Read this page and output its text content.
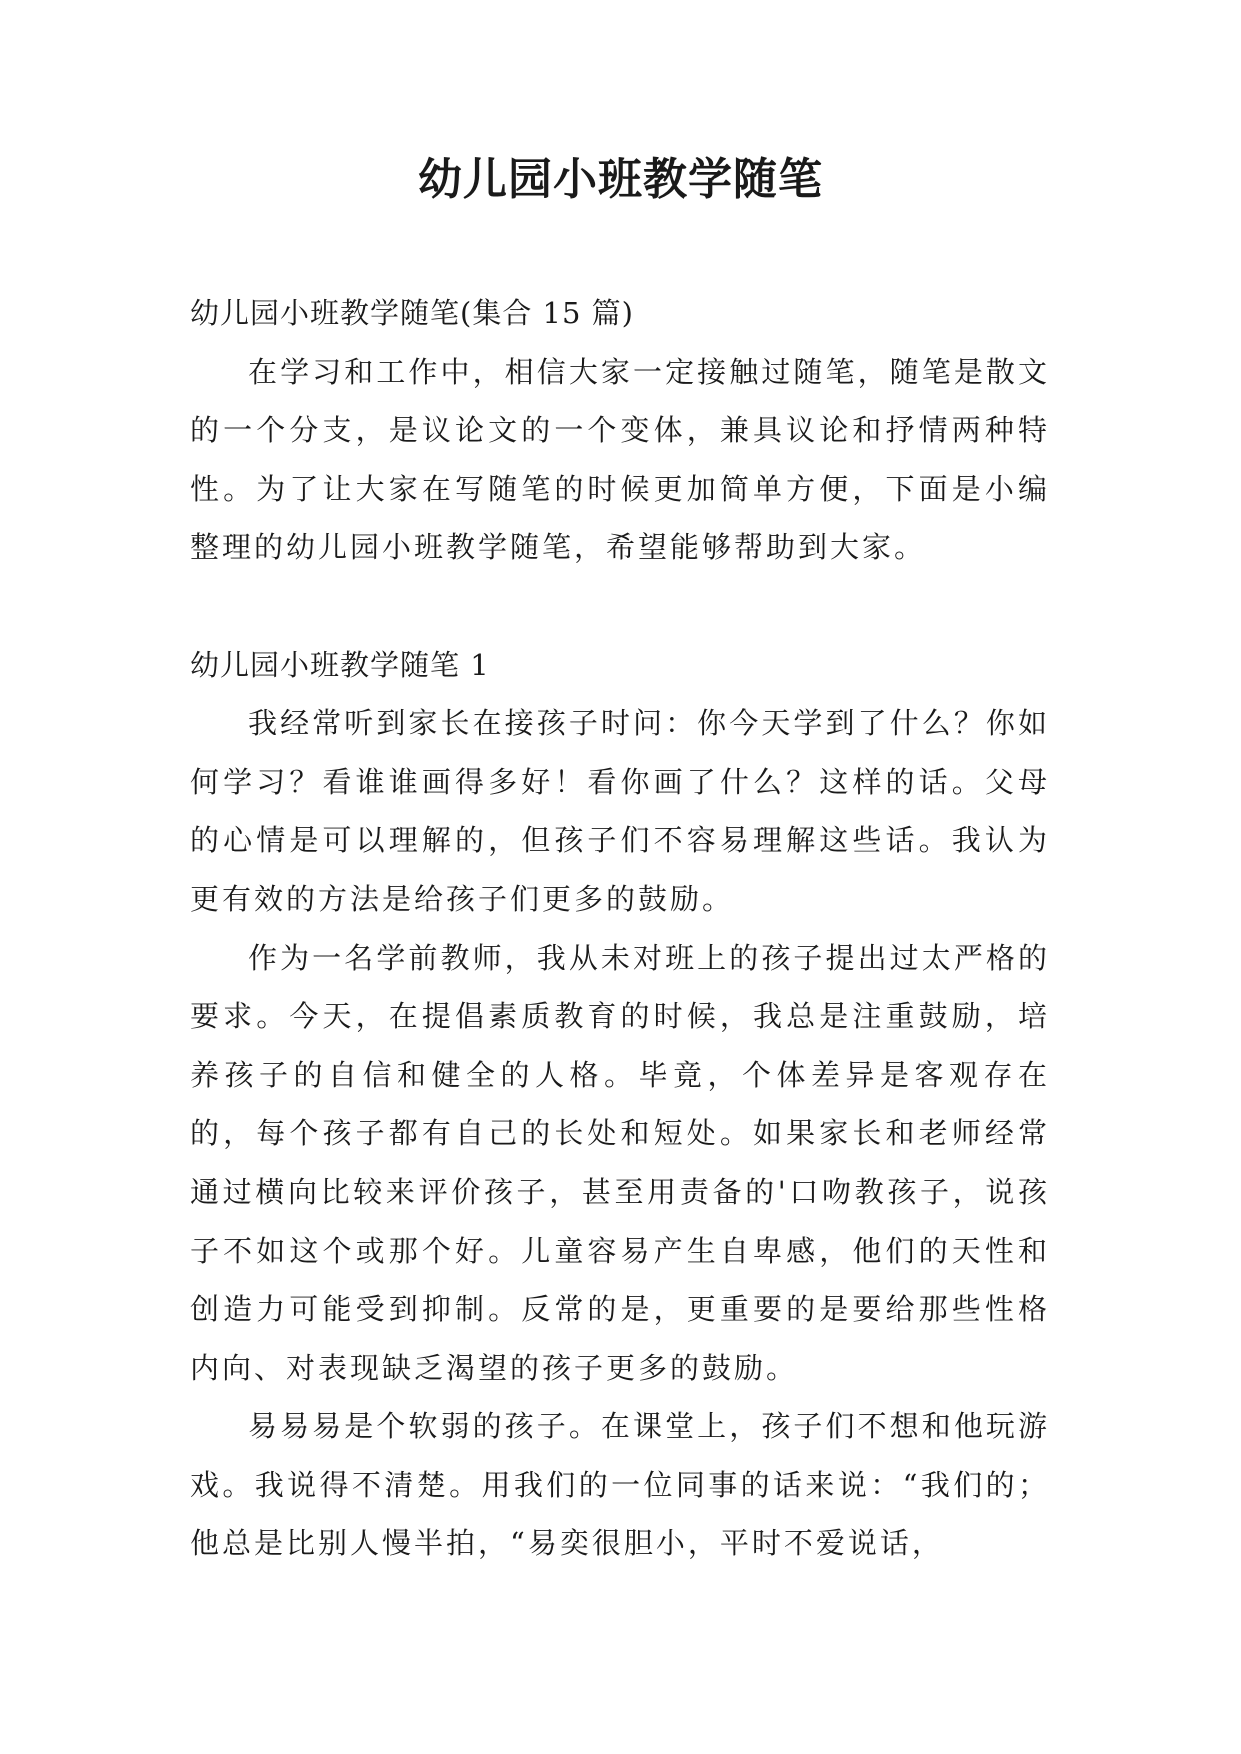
幼儿园小班教学随笔

幼儿园小班教学随笔(集合 15 篇)

在学习和工作中，相信大家一定接触过随笔，随笔是散文的一个分支，是议论文的一个变体，兼具议论和抒情两种特性。为了让大家在写随笔的时候更加简单方便，下面是小编整理的幼儿园小班教学随笔，希望能够帮助到大家。

幼儿园小班教学随笔 1

我经常听到家长在接孩子时问：你今天学到了什么？你如何学习？看谁谁画得多好！看你画了什么？这样的话。父母的心情是可以理解的，但孩子们不容易理解这些话。我认为更有效的方法是给孩子们更多的鼓励。

作为一名学前教师，我从未对班上的孩子提出过太严格的要求。今天，在提倡素质教育的时候，我总是注重鼓励，培养孩子的自信和健全的人格。毕竟，个体差异是客观存在的，每个孩子都有自己的长处和短处。如果家长和老师经常通过横向比较来评价孩子，甚至用责备的'口吻教孩子，说孩子不如这个或那个好。儿童容易产生自卑感，他们的天性和创造力可能受到抑制。反常的是，更重要的是要给那些性格内向、对表现缺乏渴望的孩子更多的鼓励。

易易易是个软弱的孩子。在课堂上，孩子们不想和他玩游戏。我说得不清楚。用我们的一位同事的话来说：“我们的；他总是比别人慢半拍，“易奕很胆小，平时不爱说话，
